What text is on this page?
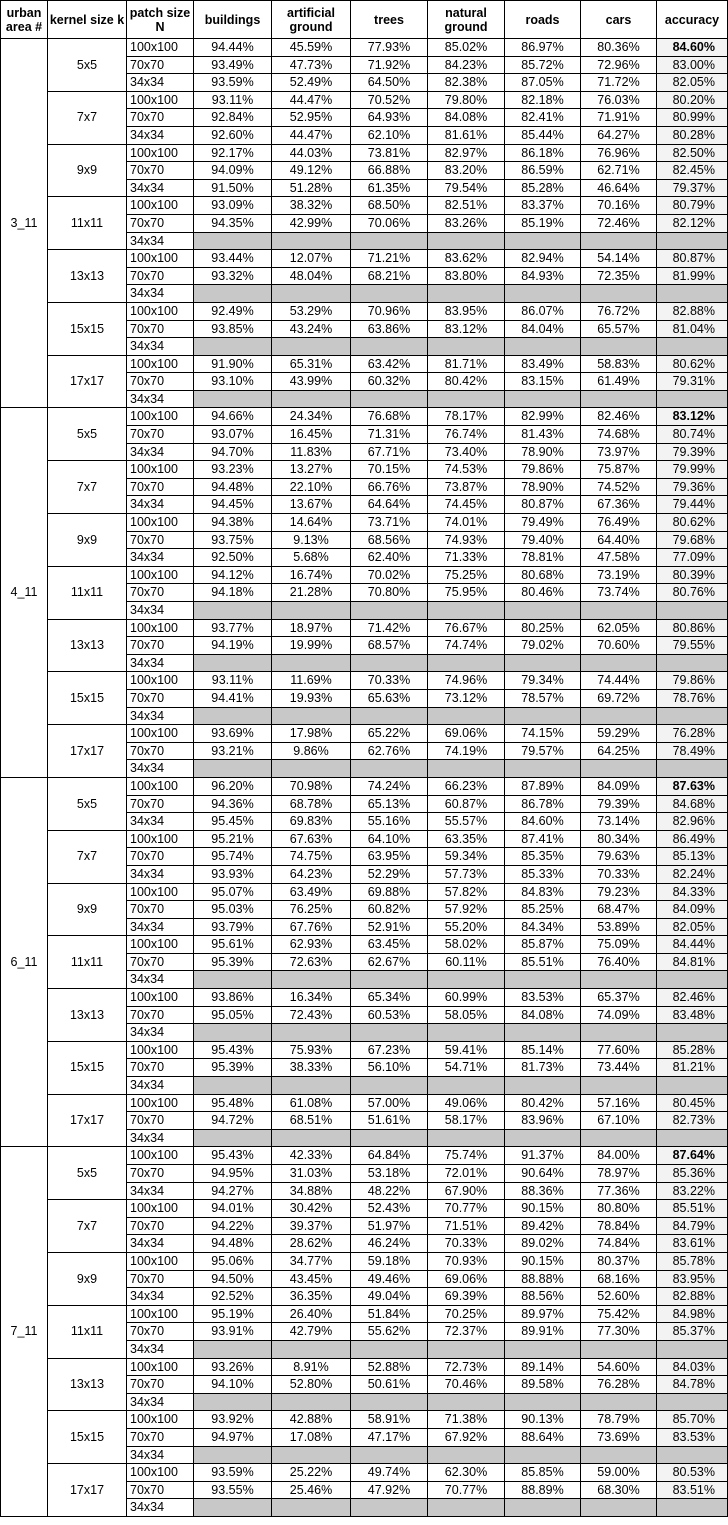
urban area #	kernel size k	patch size N	buildings	artificial ground	trees	natural ground	roads	cars	accuracy
3_11	5x5	100x100	94.44%	45.59%	77.93%	85.02%	86.97%	80.36%	84.60%
		70x70	93.49%	47.73%	71.92%	84.23%	85.72%	72.96%	83.00%
		34x34	93.59%	52.49%	64.50%	82.38%	87.05%	71.72%	82.05%
	7x7	100x100	93.11%	44.47%	70.52%	79.80%	82.18%	76.03%	80.20%
		70x70	92.84%	52.95%	64.93%	84.08%	82.41%	71.91%	80.99%
		34x34	92.60%	44.47%	62.10%	81.61%	85.44%	64.27%	80.28%
	9x9	100x100	92.17%	44.03%	73.81%	82.97%	86.18%	76.96%	82.50%
		70x70	94.09%	49.12%	66.88%	83.20%	86.59%	62.71%	82.45%
		34x34	91.50%	51.28%	61.35%	79.54%	85.28%	46.64%	79.37%
	11x11	100x100	93.09%	38.32%	68.50%	82.51%	83.37%	70.16%	80.79%
		70x70	94.35%	42.99%	70.06%	83.26%	85.19%	72.46%	82.12%
		34x34							
	13x13	100x100	93.44%	12.07%	71.21%	83.62%	82.94%	54.14%	80.87%
		70x70	93.32%	48.04%	68.21%	83.80%	84.93%	72.35%	81.99%
		34x34							
	15x15	100x100	92.49%	53.29%	70.96%	83.95%	86.07%	76.72%	82.88%
		70x70	93.85%	43.24%	63.86%	83.12%	84.04%	65.57%	81.04%
		34x34							
	17x17	100x100	91.90%	65.31%	63.42%	81.71%	83.49%	58.83%	80.62%
		70x70	93.10%	43.99%	60.32%	80.42%	83.15%	61.49%	79.31%
		34x34							
4_11	5x5	100x100	94.66%	24.34%	76.68%	78.17%	82.99%	82.46%	83.12%
		70x70	93.07%	16.45%	71.31%	76.74%	81.43%	74.68%	80.74%
		34x34	94.70%	11.83%	67.71%	73.40%	78.90%	73.97%	79.39%
	7x7	100x100	93.23%	13.27%	70.15%	74.53%	79.86%	75.87%	79.99%
		70x70	94.48%	22.10%	66.76%	73.87%	78.90%	74.52%	79.36%
		34x34	94.45%	13.67%	64.64%	74.45%	80.87%	67.36%	79.44%
	9x9	100x100	94.38%	14.64%	73.71%	74.01%	79.49%	76.49%	80.62%
		70x70	93.75%	9.13%	68.56%	74.93%	79.40%	64.40%	79.68%
		34x34	92.50%	5.68%	62.40%	71.33%	78.81%	47.58%	77.09%
	11x11	100x100	94.12%	16.74%	70.02%	75.25%	80.68%	73.19%	80.39%
		70x70	94.18%	21.28%	70.80%	75.95%	80.46%	73.74%	80.76%
		34x34							
	13x13	100x100	93.77%	18.97%	71.42%	76.67%	80.25%	62.05%	80.86%
		70x70	94.19%	19.99%	68.57%	74.74%	79.02%	70.60%	79.55%
		34x34							
	15x15	100x100	93.11%	11.69%	70.33%	74.96%	79.34%	74.44%	79.86%
		70x70	94.41%	19.93%	65.63%	73.12%	78.57%	69.72%	78.76%
		34x34							
	17x17	100x100	93.69%	17.98%	65.22%	69.06%	74.15%	59.29%	76.28%
		70x70	93.21%	9.86%	62.76%	74.19%	79.57%	64.25%	78.49%
		34x34							
6_11	5x5	100x100	96.20%	70.98%	74.24%	66.23%	87.89%	84.09%	87.63%
		70x70	94.36%	68.78%	65.13%	60.87%	86.78%	79.39%	84.68%
		34x34	95.45%	69.83%	55.16%	55.57%	84.60%	73.14%	82.96%
	7x7	100x100	95.21%	67.63%	64.10%	63.35%	87.41%	80.34%	86.49%
		70x70	95.74%	74.75%	63.95%	59.34%	85.35%	79.63%	85.13%
		34x34	93.93%	64.23%	52.29%	57.73%	85.33%	70.33%	82.24%
	9x9	100x100	95.07%	63.49%	69.88%	57.82%	84.83%	79.23%	84.33%
		70x70	95.03%	76.25%	60.82%	57.92%	85.25%	68.47%	84.09%
		34x34	93.79%	67.76%	52.91%	55.20%	84.34%	53.89%	82.05%
	11x11	100x100	95.61%	62.93%	63.45%	58.02%	85.87%	75.09%	84.44%
		70x70	95.39%	72.63%	62.67%	60.11%	85.51%	76.40%	84.81%
		34x34							
	13x13	100x100	93.86%	16.34%	65.34%	60.99%	83.53%	65.37%	82.46%
		70x70	95.05%	72.43%	60.53%	58.05%	84.08%	74.09%	83.48%
		34x34							
	15x15	100x100	95.43%	75.93%	67.23%	59.41%	85.14%	77.60%	85.28%
		70x70	95.39%	38.33%	56.10%	54.71%	81.73%	73.44%	81.21%
		34x34							
	17x17	100x100	95.48%	61.08%	57.00%	49.06%	80.42%	57.16%	80.45%
		70x70	94.72%	68.51%	51.61%	58.17%	83.96%	67.10%	82.73%
		34x34							
7_11	5x5	100x100	95.43%	42.33%	64.84%	75.74%	91.37%	84.00%	87.64%
		70x70	94.95%	31.03%	53.18%	72.01%	90.64%	78.97%	85.36%
		34x34	94.27%	34.88%	48.22%	67.90%	88.36%	77.36%	83.22%
	7x7	100x100	94.01%	30.42%	52.43%	70.77%	90.15%	80.80%	85.51%
		70x70	94.22%	39.37%	51.97%	71.51%	89.42%	78.84%	84.79%
		34x34	94.48%	28.62%	46.24%	70.33%	89.02%	74.84%	83.61%
	9x9	100x100	95.06%	34.77%	59.18%	70.93%	90.15%	80.37%	85.78%
		70x70	94.50%	43.45%	49.46%	69.06%	88.88%	68.16%	83.95%
		34x34	92.52%	36.35%	49.04%	69.39%	88.56%	52.60%	82.88%
	11x11	100x100	95.19%	26.40%	51.84%	70.25%	89.97%	75.42%	84.98%
		70x70	93.91%	42.79%	55.62%	72.37%	89.91%	77.30%	85.37%
		34x34							
	13x13	100x100	93.26%	8.91%	52.88%	72.73%	89.14%	54.60%	84.03%
		70x70	94.10%	52.80%	50.61%	70.46%	89.58%	76.28%	84.78%
		34x34							
	15x15	100x100	93.92%	42.88%	58.91%	71.38%	90.13%	78.79%	85.70%
		70x70	94.97%	17.08%	47.17%	67.92%	88.64%	73.69%	83.53%
		34x34							
	17x17	100x100	93.59%	25.22%	49.74%	62.30%	85.85%	59.00%	80.53%
		70x70	93.55%	25.46%	47.92%	70.77%	88.89%	68.30%	83.51%
		34x34							
